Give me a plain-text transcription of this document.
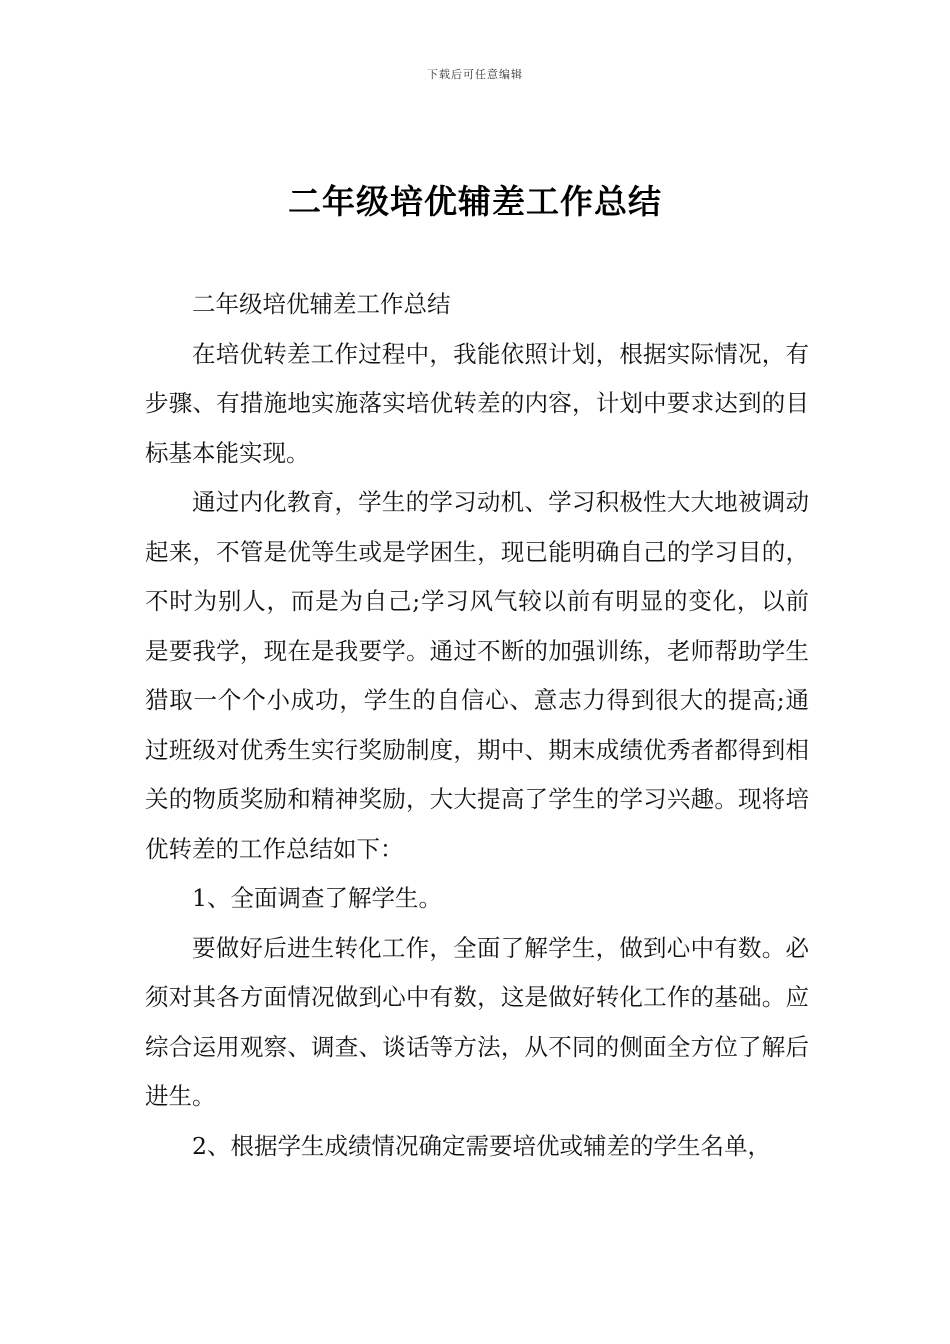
下载后可任意编辑
二年级培优辅差工作总结

二年级培优辅差工作总结

在培优转差工作过程中，我能依照计划，根据实际情况，有步骤、有措施地实施落实培优转差的内容，计划中要求达到的目标基本能实现。

通过内化教育，学生的学习动机、学习积极性大大地被调动起来，不管是优等生或是学困生，现已能明确自己的学习目的，不时为别人，而是为自己;学习风气较以前有明显的变化，以前是要我学，现在是我要学。通过不断的加强训练，老师帮助学生猎取一个个小成功，学生的自信心、意志力得到很大的提高;通过班级对优秀生实行奖励制度，期中、期末成绩优秀者都得到相关的物质奖励和精神奖励，大大提高了学生的学习兴趣。现将培优转差的工作总结如下：

1、全面调查了解学生。

要做好后进生转化工作，全面了解学生，做到心中有数。必须对其各方面情况做到心中有数，这是做好转化工作的基础。应综合运用观察、调查、谈话等方法，从不同的侧面全方位了解后进生。

2、根据学生成绩情况确定需要培优或辅差的学生名单，
